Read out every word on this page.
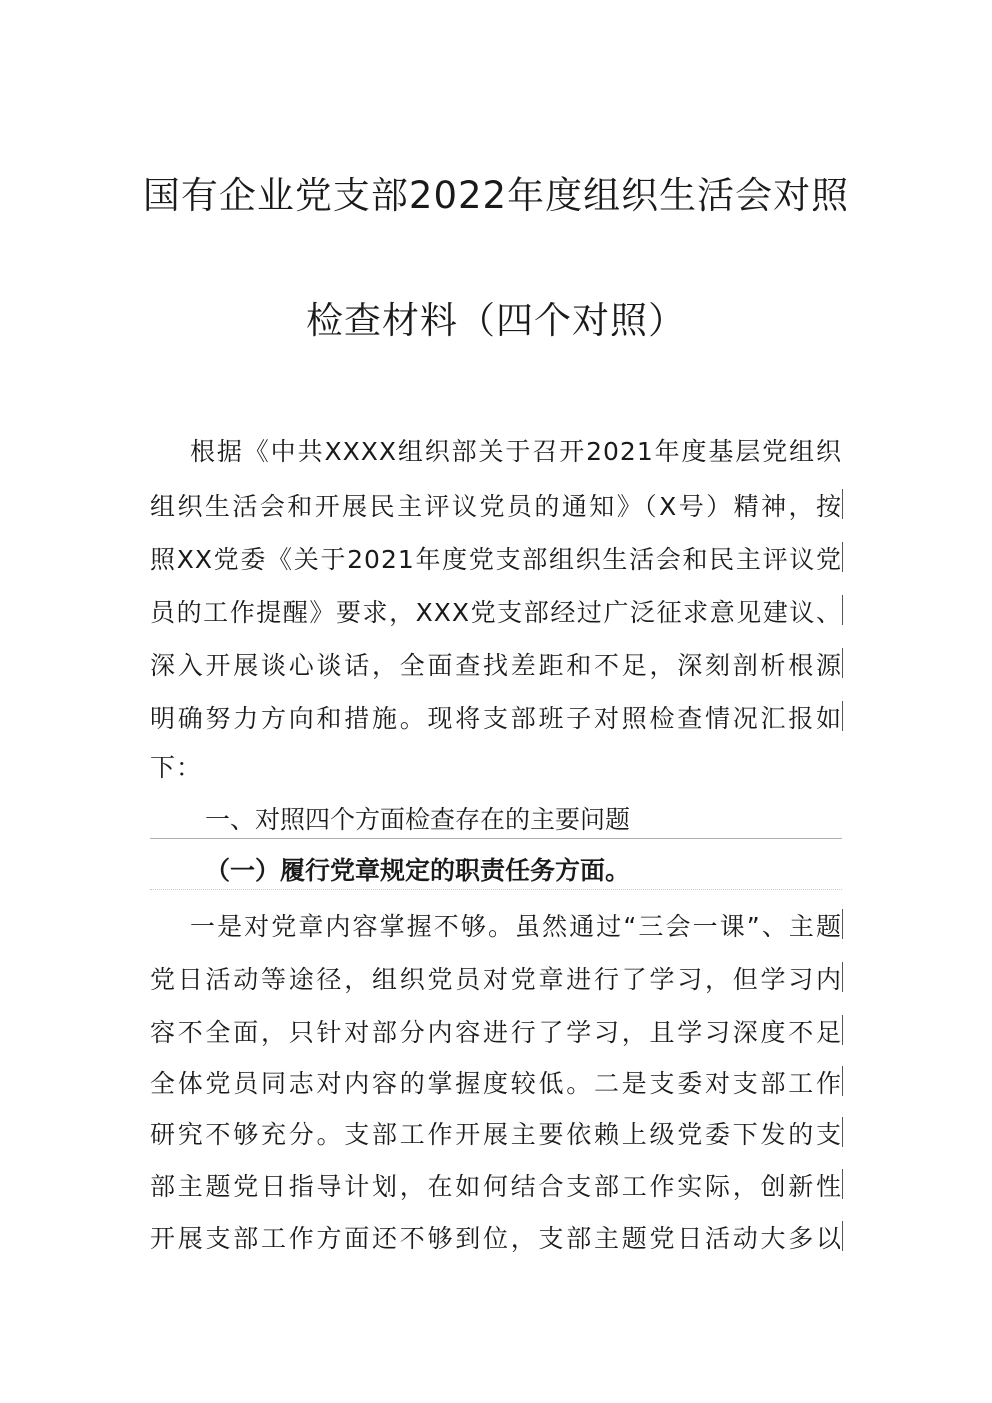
国有企业党支部2022年度组织生活会对照
检查材料（四个对照）
根据《中共XXXX组织部关于召开2021年度基层党组织
组织生活会和开展民主评议党员的通知》（X号）精神，按
照XX党委《关于2021年度党支部组织生活会和民主评议党
员的工作提醒》要求，XXX党支部经过广泛征求意见建议、
深入开展谈心谈话，全面查找差距和不足，深刻剖析根源
明确努力方向和措施。现将支部班子对照检查情况汇报如
下：
一、对照四个方面检查存在的主要问题
（一）履行党章规定的职责任务方面。
一是对党章内容掌握不够。虽然通过“三会一课”、主题
党日活动等途径，组织党员对党章进行了学习，但学习内
容不全面，只针对部分内容进行了学习，且学习深度不足
全体党员同志对内容的掌握度较低。二是支委对支部工作
研究不够充分。支部工作开展主要依赖上级党委下发的支
部主题党日指导计划，在如何结合支部工作实际，创新性
开展支部工作方面还不够到位，支部主题党日活动大多以
